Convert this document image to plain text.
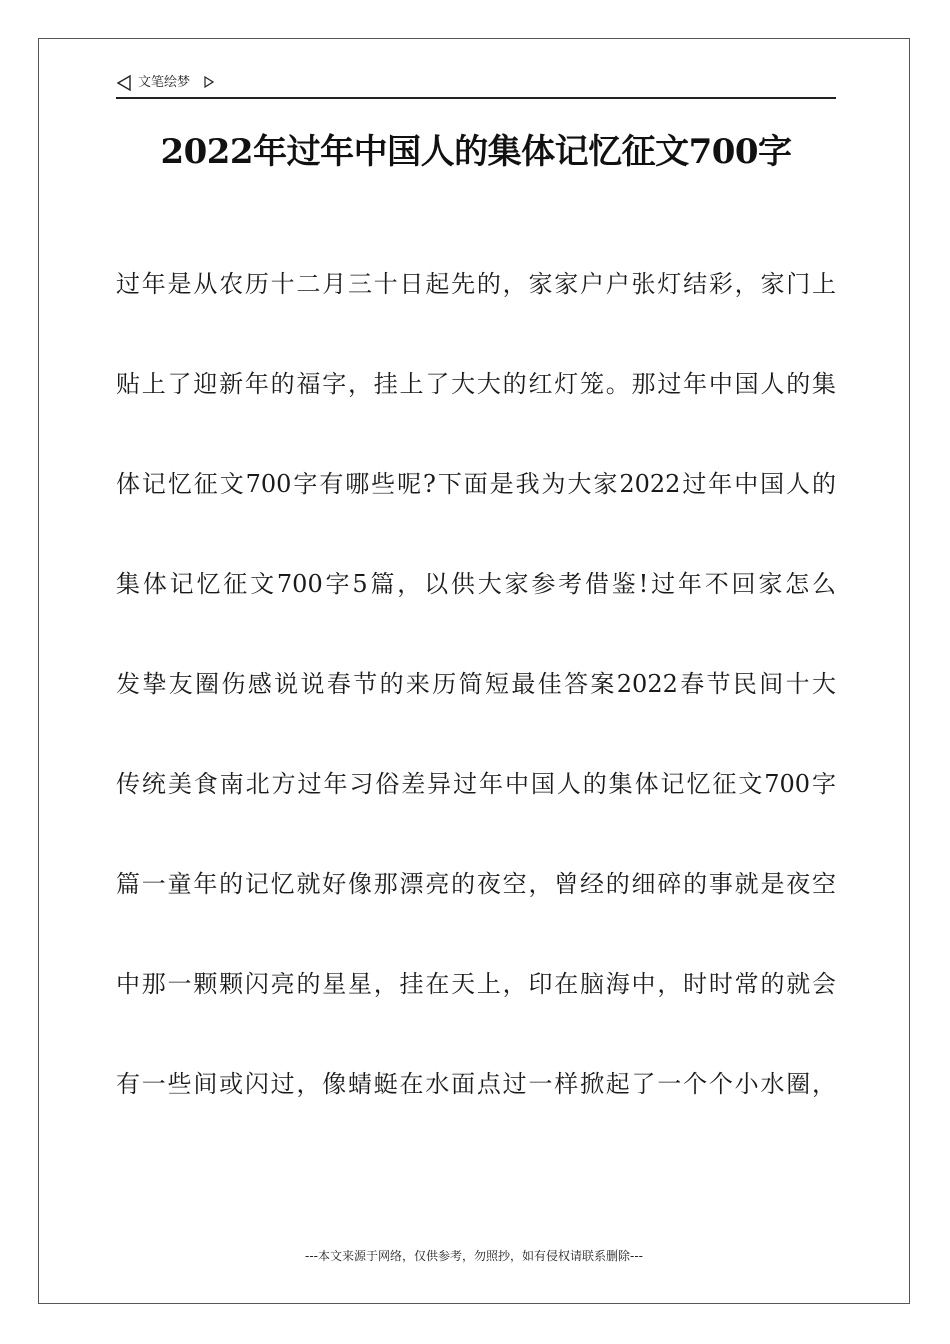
文笔绘梦
2022年过年中国人的集体记忆征文700字
过年是从农历十二月三十日起先的，家家户户张灯结彩，家门上
贴上了迎新年的福字，挂上了大大的红灯笼。那过年中国人的集
体记忆征文700字有哪些呢?下面是我为大家2022过年中国人的
集体记忆征文700字5篇，以供大家参考借鉴!过年不回家怎么
发挚友圈伤感说说春节的来历简短最佳答案2022春节民间十大
传统美食南北方过年习俗差异过年中国人的集体记忆征文700字
篇一童年的记忆就好像那漂亮的夜空，曾经的细碎的事就是夜空
中那一颗颗闪亮的星星，挂在天上，印在脑海中，时时常的就会
有一些间或闪过，像蜻蜓在水面点过一样掀起了一个个小水圈，
---本文来源于网络，仅供参考，勿照抄，如有侵权请联系删除---
